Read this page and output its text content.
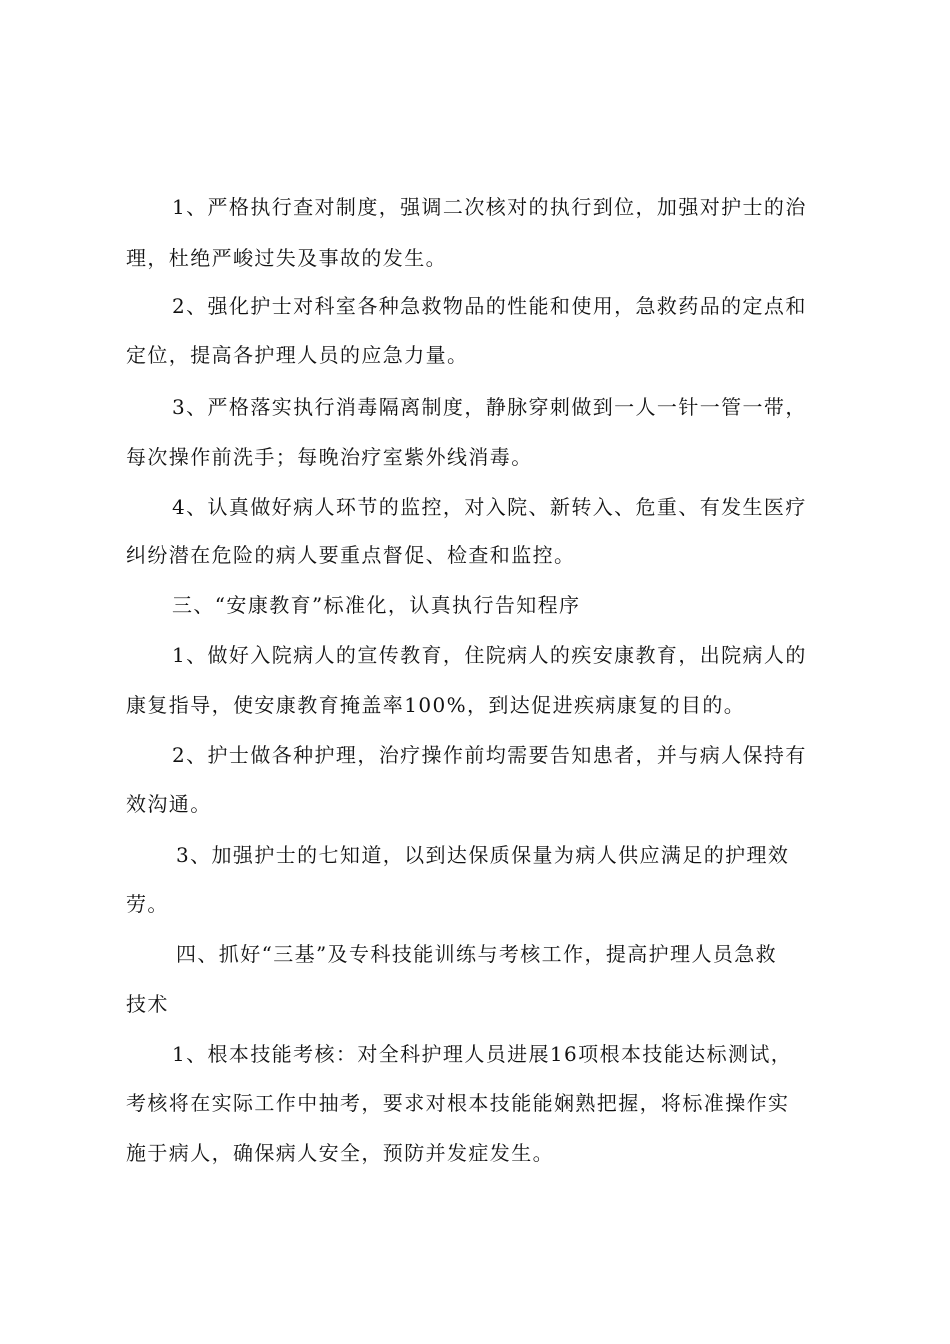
1、严格执行查对制度，强调二次核对的执行到位，加强对护士的治
理，杜绝严峻过失及事故的发生。
2、强化护士对科室各种急救物品的性能和使用，急救药品的定点和
定位，提高各护理人员的应急力量。
3、严格落实执行消毒隔离制度，静脉穿刺做到一人一针一管一带，
每次操作前洗手；每晚治疗室紫外线消毒。
4、认真做好病人环节的监控，对入院、新转入、危重、有发生医疗
纠纷潜在危险的病人要重点督促、检查和监控。
三、“安康教育”标准化，认真执行告知程序
1、做好入院病人的宣传教育，住院病人的疾安康教育，出院病人的
康复指导，使安康教育掩盖率100%，到达促进疾病康复的目的。
2、护士做各种护理，治疗操作前均需要告知患者，并与病人保持有
效沟通。
3、加强护士的七知道，以到达保质保量为病人供应满足的护理效
劳。
四、抓好“三基”及专科技能训练与考核工作，提高护理人员急救
技术
1、根本技能考核：对全科护理人员进展16项根本技能达标测试，
考核将在实际工作中抽考，要求对根本技能能娴熟把握，将标准操作实
施于病人，确保病人安全，预防并发症发生。
